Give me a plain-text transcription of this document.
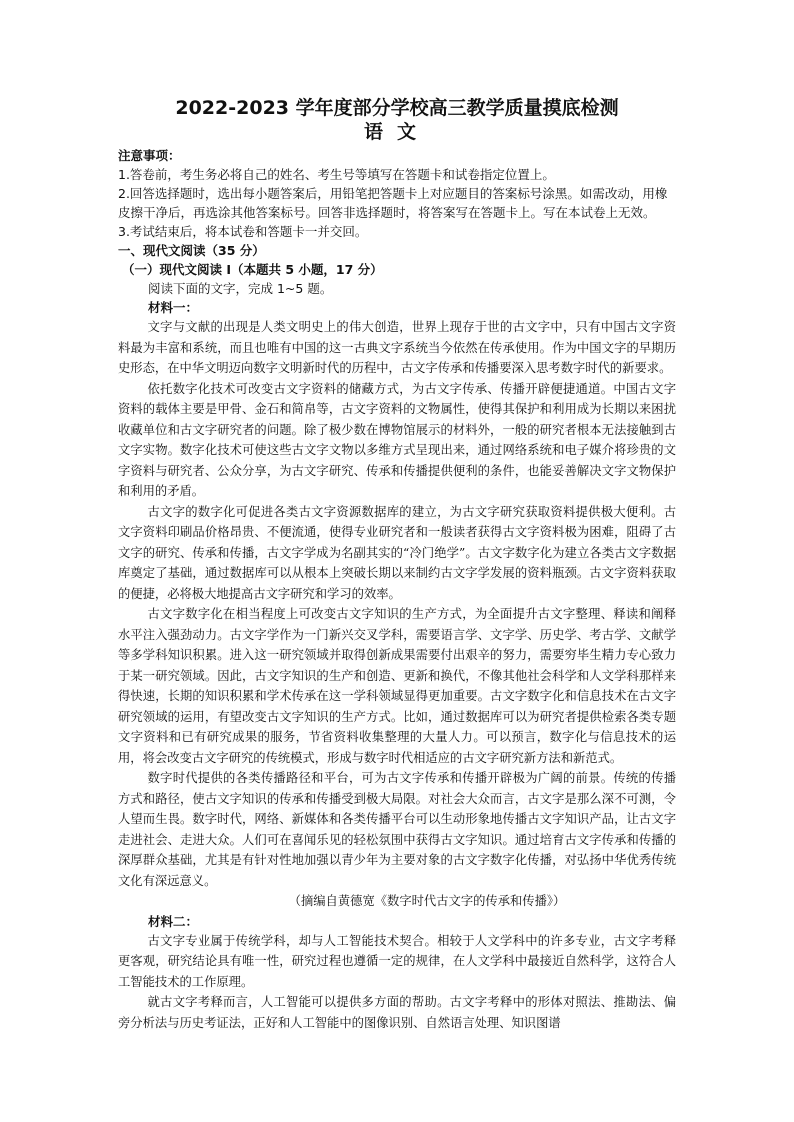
2022-2023 学年度部分学校高三教学质量摸底检测
语文

注意事项：

1.答卷前，考生务必将自己的姓名、考生号等填写在答题卡和试卷指定位置上。

2.回答选择题时，选出每小题答案后，用铅笔把答题卡上对应题目的答案标号涂黑。如需改动，用橡皮擦干净后，再选涂其他答案标号。回答非选择题时，将答案写在答题卡上。写在本试卷上无效。

3.考试结束后，将本试卷和答题卡一并交回。

一、现代文阅读（35 分）

（一）现代文阅读 I（本题共 5 小题，17 分）

阅读下面的文字，完成 1~5 题。

材料一：

文字与文献的出现是人类文明史上的伟大创造，世界上现存于世的古文字中，只有中国古文字资料最为丰富和系统，而且也唯有中国的这一古典文字系统当今依然在传承使用。作为中国文字的早期历史形态，在中华文明迈向数字文明新时代的历程中，古文字传承和传播要深入思考数字时代的新要求。

依托数字化技术可改变古文字资料的储藏方式，为古文字传承、传播开辟便捷通道。中国古文字资料的载体主要是甲骨、金石和简帛等，古文字资料的文物属性，使得其保护和利用成为长期以来困扰收藏单位和古文字研究者的问题。除了极少数在博物馆展示的材料外，一般的研究者根本无法接触到古文字实物。数字化技术可使这些古文字文物以多维方式呈现出来，通过网络系统和电子媒介将珍贵的文字资料与研究者、公众分享，为古文字研究、传承和传播提供便利的条件，也能妥善解决文字文物保护和利用的矛盾。

古文字的数字化可促进各类古文字资源数据库的建立，为古文字研究获取资料提供极大便利。古文字资料印刷品价格昂贵、不便流通，使得专业研究者和一般读者获得古文字资料极为困难，阻碍了古文字的研究、传承和传播，古文字学成为名副其实的“冷门绝学”。古文字数字化为建立各类古文字数据库奠定了基础，通过数据库可以从根本上突破长期以来制约古文字学发展的资料瓶颈。古文字资料获取的便捷，必将极大地提高古文字研究和学习的效率。

古文字数字化在相当程度上可改变古文字知识的生产方式，为全面提升古文字整理、释读和阐释水平注入强劲动力。古文字学作为一门新兴交叉学科，需要语言学、文字学、历史学、考古学、文献学等多学科知识积累。进入这一研究领域并取得创新成果需要付出艰辛的努力，需要穷毕生精力专心致力于某一研究领域。因此，古文字知识的生产和创造、更新和换代，不像其他社会科学和人文学科那样来得快速，长期的知识积累和学术传承在这一学科领域显得更加重要。古文字数字化和信息技术在古文字研究领域的运用，有望改变古文字知识的生产方式。比如，通过数据库可以为研究者提供检索各类专题文字资料和已有研究成果的服务，节省资料收集整理的大量人力。可以预言，数字化与信息技术的运用，将会改变古文字研究的传统模式，形成与数字时代相适应的古文字研究新方法和新范式。

数字时代提供的各类传播路径和平台，可为古文字传承和传播开辟极为广阔的前景。传统的传播方式和路径，使古文字知识的传承和传播受到极大局限。对社会大众而言，古文字是那么深不可测，令人望而生畏。数字时代，网络、新媒体和各类传播平台可以生动形象地传播古文字知识产品，让古文字走进社会、走进大众。人们可在喜闻乐见的轻松氛围中获得古文字知识。通过培育古文字传承和传播的深厚群众基础，尤其是有针对性地加强以青少年为主要对象的古文字数字化传播，对弘扬中华优秀传统文化有深远意义。

（摘编自黄德宽《数字时代古文字的传承和传播》）

材料二：

古文字专业属于传统学科，却与人工智能技术契合。相较于人文学科中的许多专业，古文字考释更客观，研究结论具有唯一性，研究过程也遵循一定的规律，在人文学科中最接近自然科学，这符合人工智能技术的工作原理。

就古文字考释而言，人工智能可以提供多方面的帮助。古文字考释中的形体对照法、推勘法、偏旁分析法与历史考证法，正好和人工智能中的图像识别、自然语言处理、知识图谱
